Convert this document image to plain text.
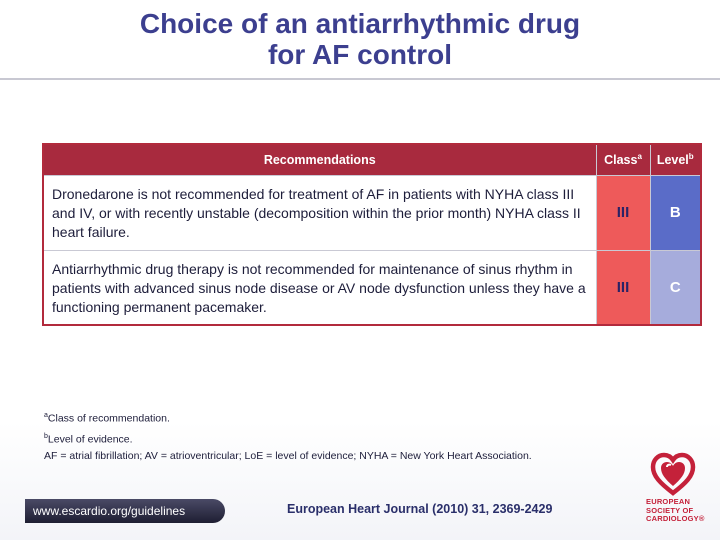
Choice of an antiarrhythmic drug
for AF control
Recommendations	Class$^a$	Level$^b$
Dronedarone is not recommended for treatment of AF in patients with NYHA class III and IV, or with recently unstable (decomposition within the prior month) NYHA class II heart failure.	III	B
Antiarrhythmic drug therapy is not recommended for maintenance of sinus rhythm in patients with advanced sinus node disease or AV node dysfunction unless they have a functioning permanent pacemaker.	III	C
$^a$Class of recommendation.
$^b$Level of evidence.
AF = atrial fibrillation; AV = atrioventricular; LoE = level of evidence; NYHA = New York Heart Association.
www.escardio.org/guidelines	European Heart Journal (2010) 31, 2369-2429
EUROPEAN
SOCIETY OF
CARDIOLOGY®
